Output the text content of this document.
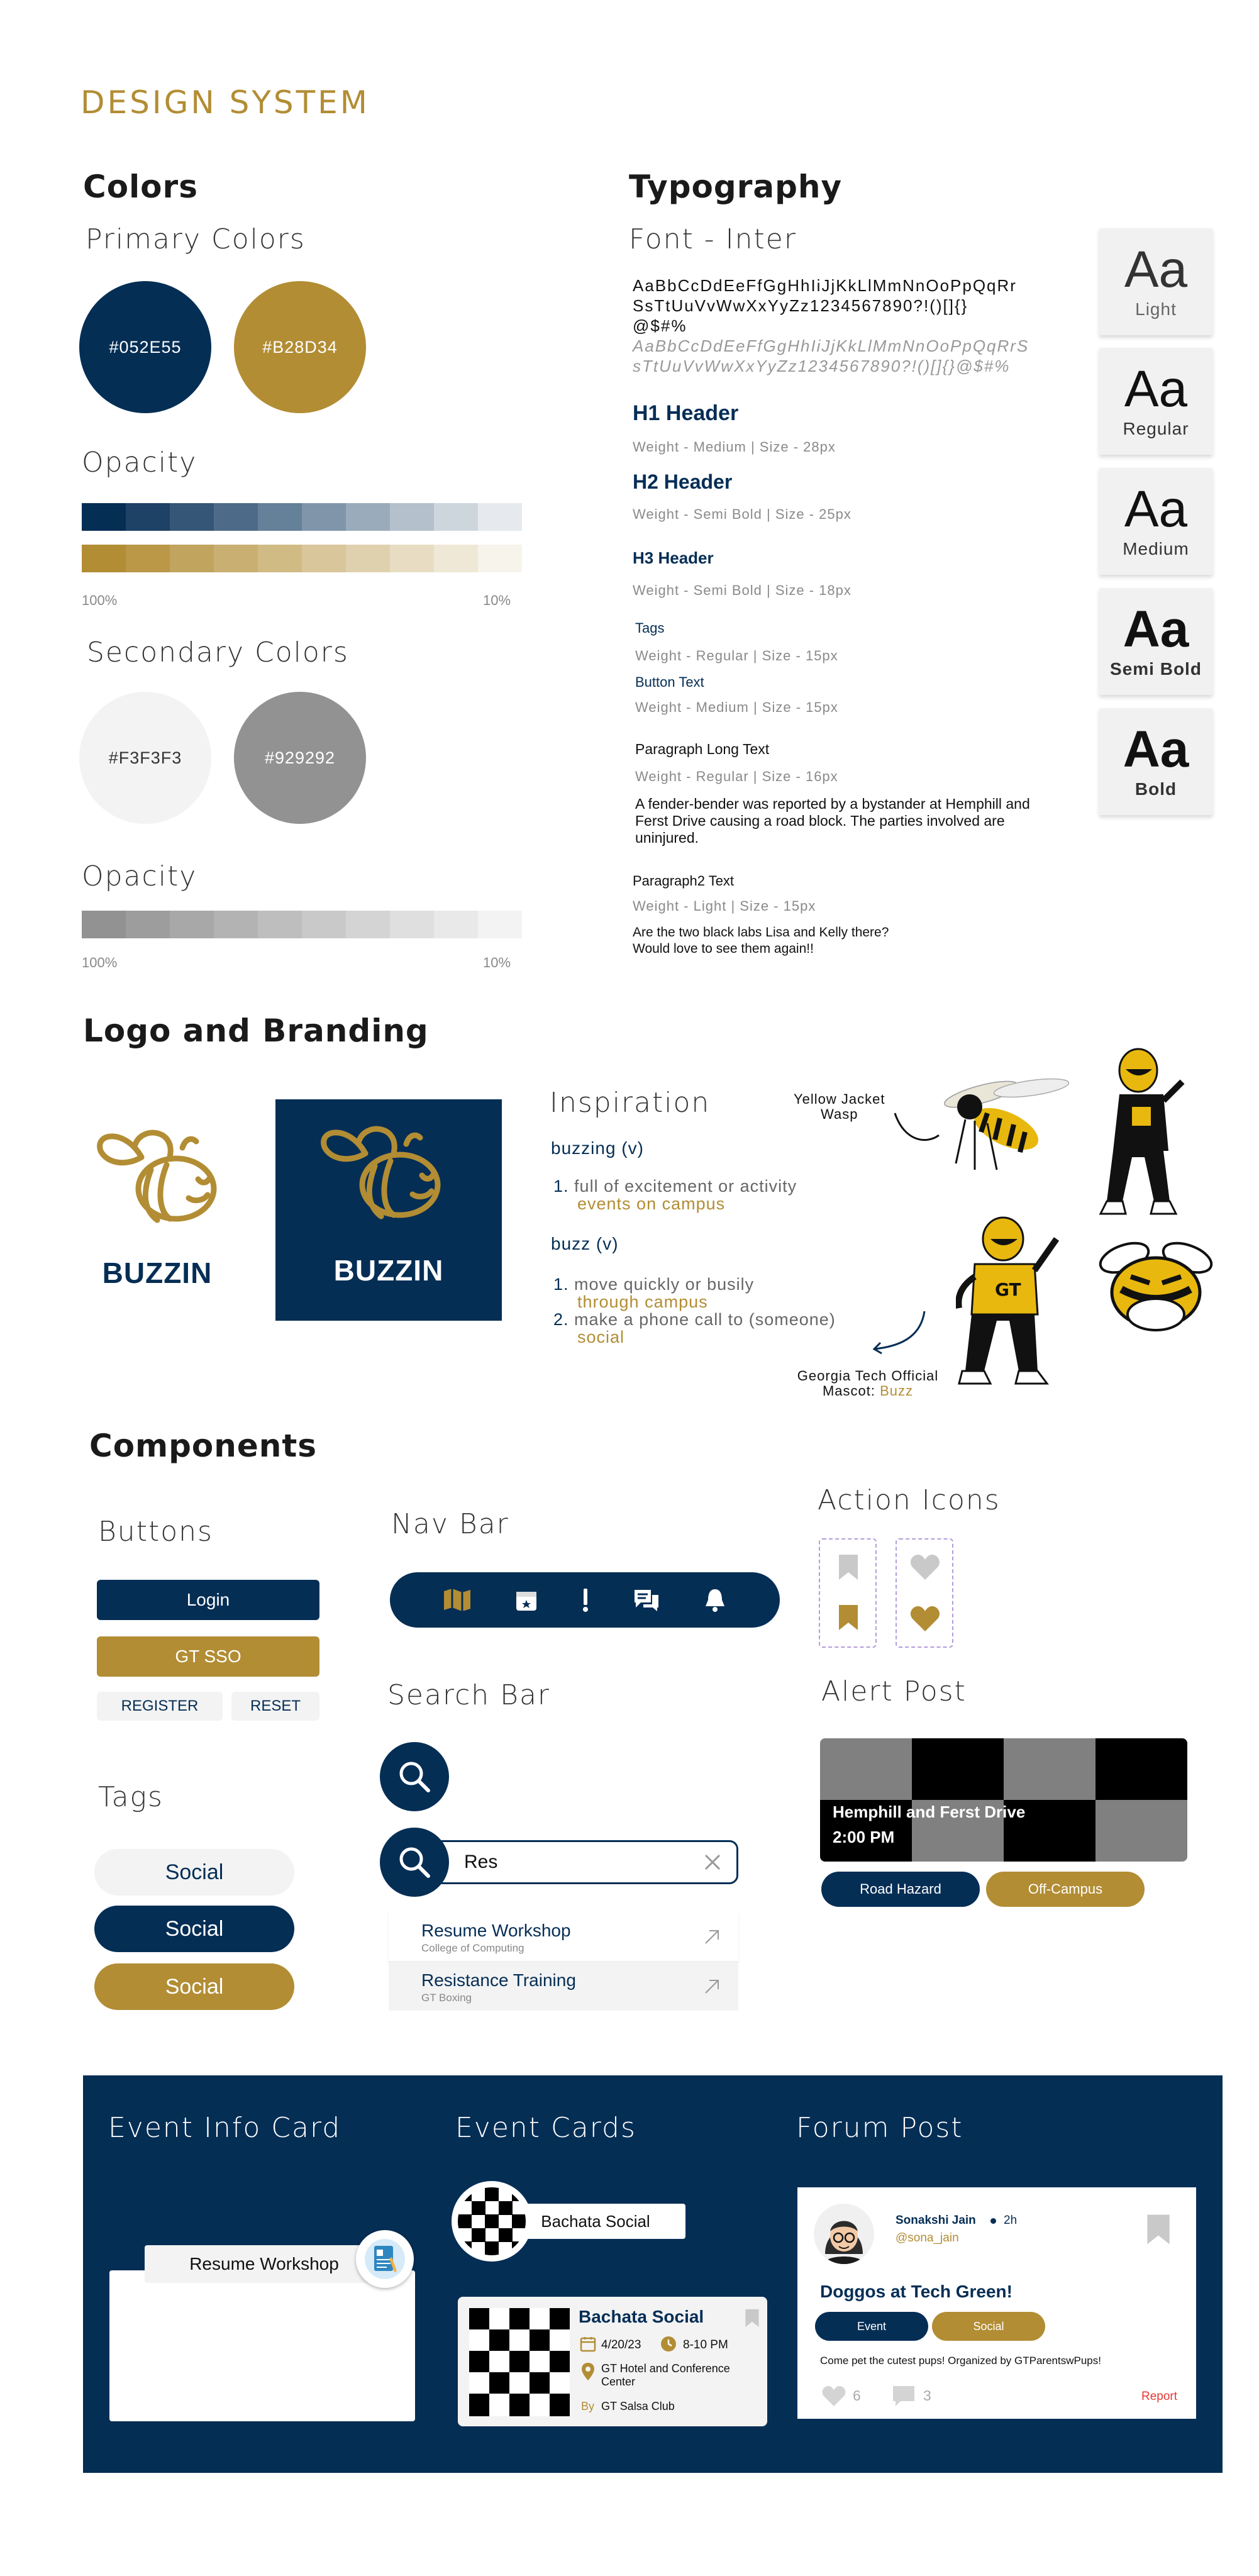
DESIGN SYSTEM
Colors
Primary Colors
#052E55	#B28D34
Opacity
100%	10%
Secondary Colors
#F3F3F3	#929292
Opacity
100%	10%
Typography
Font - Inter
AaBbCcDdEeFfGgHhIiJjKkLlMmNnOoPpQqRr
SsTtUuVvWwXxYyZz1234567890?!()[]{}
@$#%
AaBbCcDdEeFfGgHhIiJjKkLlMmNnOoPpQqRrS
sTtUuVvWwXxYyZz1234567890?!()[]{}@$#%
H1 Header
Weight - Medium | Size - 28px
H2 Header
Weight - Semi Bold | Size - 25px
H3 Header
Weight - Semi Bold | Size - 18px
Tags
Weight - Regular | Size - 15px
Button Text
Weight - Medium | Size - 15px
Paragraph Long Text
Weight - Regular | Size - 16px
A fender-bender was reported by a bystander at Hemphill and Ferst Drive causing a road block. The parties involved are uninjured.
Paragraph2 Text
Weight - Light | Size - 15px
Are the two black labs Lisa and Kelly there?
Would love to see them again!!
Aa
Light
Aa
Regular
Aa
Medium
Aa
Semi Bold
Aa
Bold
Logo and Branding
BUZZIN	BUZZIN
Inspiration
buzzing (v)
1. full of excitement or activity
events on campus
buzz (v)
1. move quickly or busily
through campus
2. make a phone call to (someone)
social
Yellow Jacket
Wasp
GT
Georgia Tech Official
Mascot: Buzz
Components
Buttons
Login
GT SSO
REGISTER	RESET
Tags
Social
Social
Social
Nav Bar
Search Bar
Res
Resume Workshop
College of Computing
Resistance Training
GT Boxing
Action Icons
Alert Post
Hemphill and Ferst Drive
2:00 PM
Road Hazard	Off-Campus
Event Info Card
Resume Workshop
Event Cards
Bachata Social
Bachata Social
4/20/23	8-10 PM
GT Hotel and Conference Center
By GT Salsa Club
Forum Post
Sonakshi Jain 2h
@sona_jain
Doggos at Tech Green!
Event	Social
Come pet the cutest pups! Organized by GTParentswPups!
6	3	Report
